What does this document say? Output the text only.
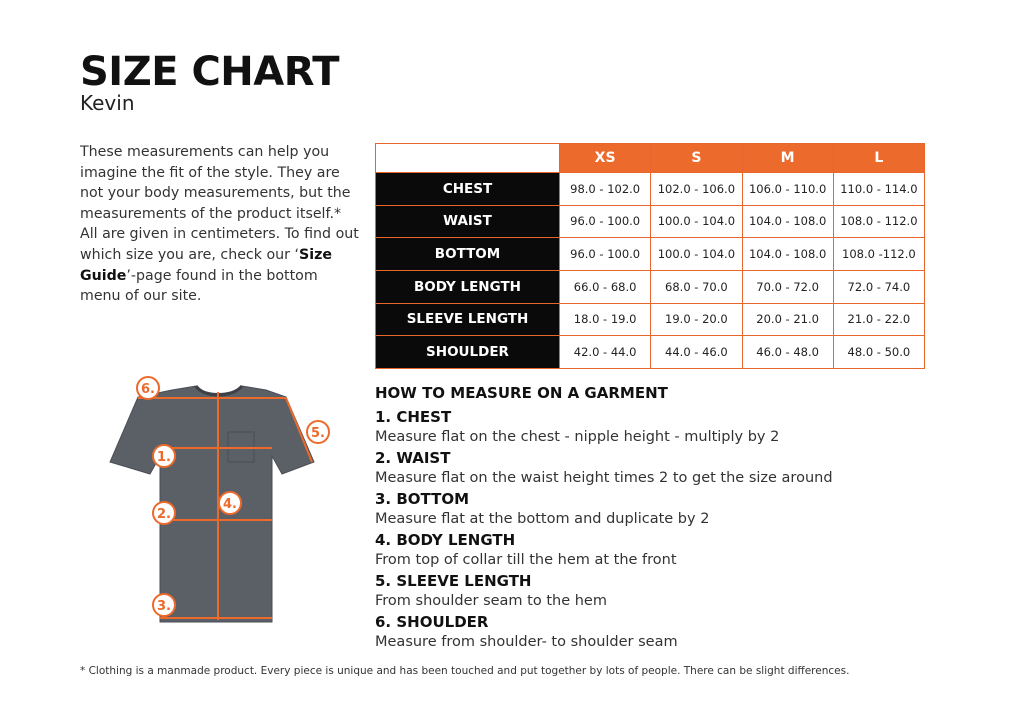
SIZE CHART
Kevin

These measurements can help you imagine the fit of the style. They are not your body measurements, but the measurements of the product itself.* All are given in centimeters. To find out which size you are, check our ‘Size Guide’-page found in the bottom menu of our site.

	XS	S	M	L
CHEST	98.0 - 102.0	102.0 - 106.0	106.0 - 110.0	110.0 - 114.0
WAIST	96.0 - 100.0	100.0 - 104.0	104.0 - 108.0	108.0 - 112.0
BOTTOM	96.0 - 100.0	100.0 - 104.0	104.0 - 108.0	108.0 -112.0
BODY LENGTH	66.0 - 68.0	68.0 - 70.0	70.0 - 72.0	72.0 - 74.0
SLEEVE LENGTH	18.0 - 19.0	19.0 - 20.0	20.0 - 21.0	21.0 - 22.0
SHOULDER	42.0 - 44.0	44.0 - 46.0	46.0 - 48.0	48.0 - 50.0
6.
5.
1.
4.
2.
3.
HOW TO MEASURE ON A GARMENT
1. CHEST
Measure flat on the chest - nipple height - multiply by 2
2. WAIST
Measure flat on the waist height times 2 to get the size around
3. BOTTOM
Measure flat at the bottom and duplicate by 2
4. BODY LENGTH
From top of collar till the hem at the front
5. SLEEVE LENGTH
From shoulder seam to the hem
6. SHOULDER
Measure from shoulder- to shoulder seam
* Clothing is a manmade product. Every piece is unique and has been touched and put together by lots of people. There can be slight differences.
